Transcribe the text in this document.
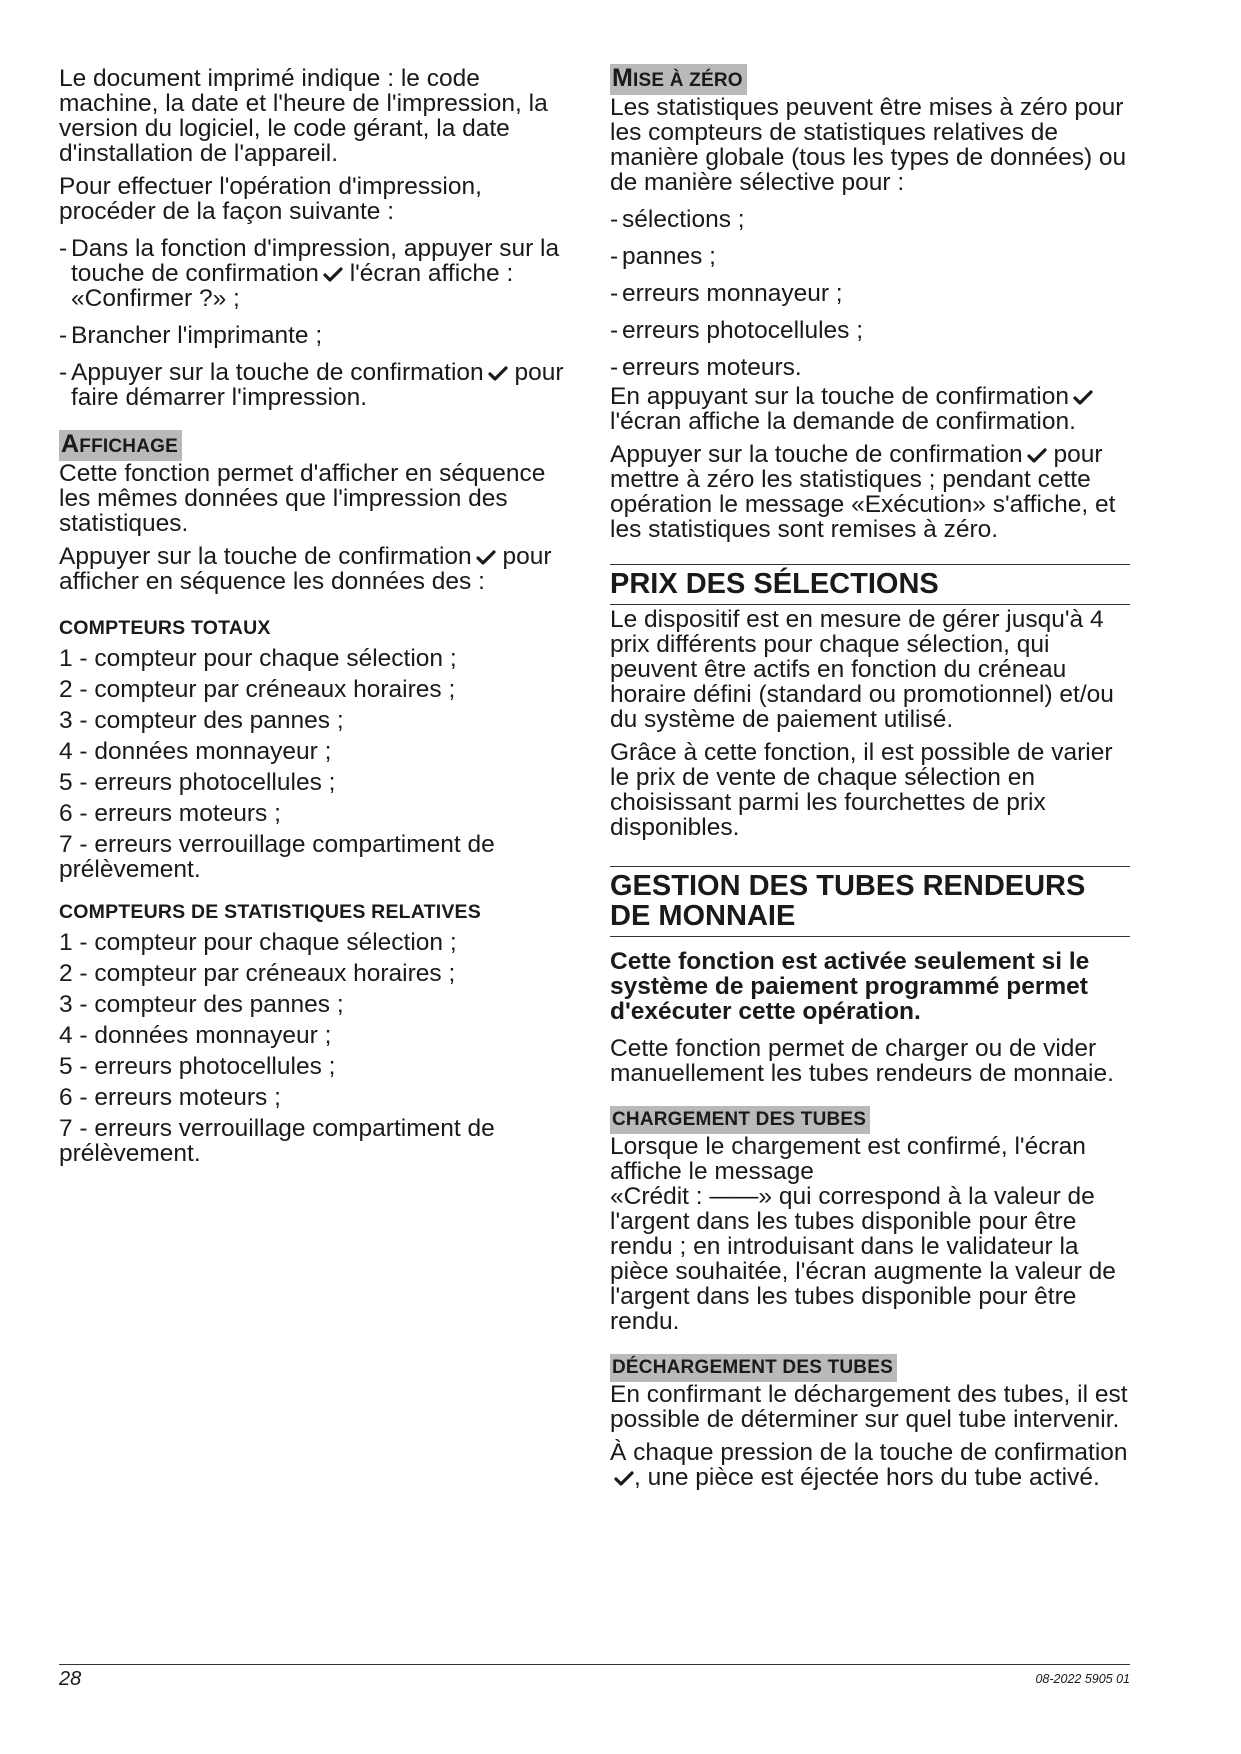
Le document imprimé indique : le code machine, la date et l'heure de l'impression, la version du logiciel, le code gérant, la date d'installation de l'appareil.

Pour effectuer l'opération d'impression, procéder de la façon suivante :

- Dans la fonction d'impression, appuyer sur la touche de confirmation l'écran affiche : «Confirmer ?» ;
- Brancher l'imprimante ;
- Appuyer sur la touche de confirmation pour faire démarrer l'impression.
AFFICHAGE

Cette fonction permet d'afficher en séquence les mêmes données que l'impression des statistiques.

Appuyer sur la touche de confirmation pour afficher en séquence les données des :

COMPTEURS TOTAUX
1 - compteur pour chaque sélection ;
2 - compteur par créneaux horaires ;
3 - compteur des pannes ;
4 - données monnayeur ;
5 - erreurs photocellules ;
6 - erreurs moteurs ;
7 - erreurs verrouillage compartiment de prélèvement.
COMPTEURS DE STATISTIQUES RELATIVES
1 - compteur pour chaque sélection ;
2 - compteur par créneaux horaires ;
3 - compteur des pannes ;
4 - données monnayeur ;
5 - erreurs photocellules ;
6 - erreurs moteurs ;
7 - erreurs verrouillage compartiment de prélèvement.
MISE À ZÉRO

Les statistiques peuvent être mises à zéro pour les compteurs de statistiques relatives de manière globale (tous les types de données) ou de manière sélective pour :

- sélections ;
- pannes ;
- erreurs monnayeur ;
- erreurs photocellules ;
- erreurs moteurs.

En appuyant sur la touche de confirmation
l'écran affiche la demande de confirmation.

Appuyer sur la touche de confirmation pour mettre à zéro les statistiques ; pendant cette opération le message «Exécution» s'affiche, et les statistiques sont remises à zéro.

PRIX DES SÉLECTIONS

Le dispositif est en mesure de gérer jusqu'à 4 prix différents pour chaque sélection, qui peuvent être actifs en fonction du créneau horaire défini (standard ou promotionnel) et/ou du système de paiement utilisé.

Grâce à cette fonction, il est possible de varier le prix de vente de chaque sélection en choisissant parmi les fourchettes de prix disponibles.

GESTION DES TUBES RENDEURS DE MONNAIE

Cette fonction est activée seulement si le système de paiement programmé permet d'exécuter cette opération.

Cette fonction permet de charger ou de vider manuellement les tubes rendeurs de monnaie.

CHARGEMENT DES TUBES

Lorsque le chargement est confirmé, l'écran affiche le message

«Crédit : ——» qui correspond à la valeur de l'argent dans les tubes disponible pour être rendu ; en introduisant dans le validateur la pièce souhaitée, l'écran augmente la valeur de l'argent dans les tubes disponible pour être rendu.

DÉCHARGEMENT DES TUBES

En confirmant le déchargement des tubes, il est possible de déterminer sur quel tube intervenir.

À chaque pression de la touche de confirmation
, une pièce est éjectée hors du tube activé.

28	08-2022 5905 01
